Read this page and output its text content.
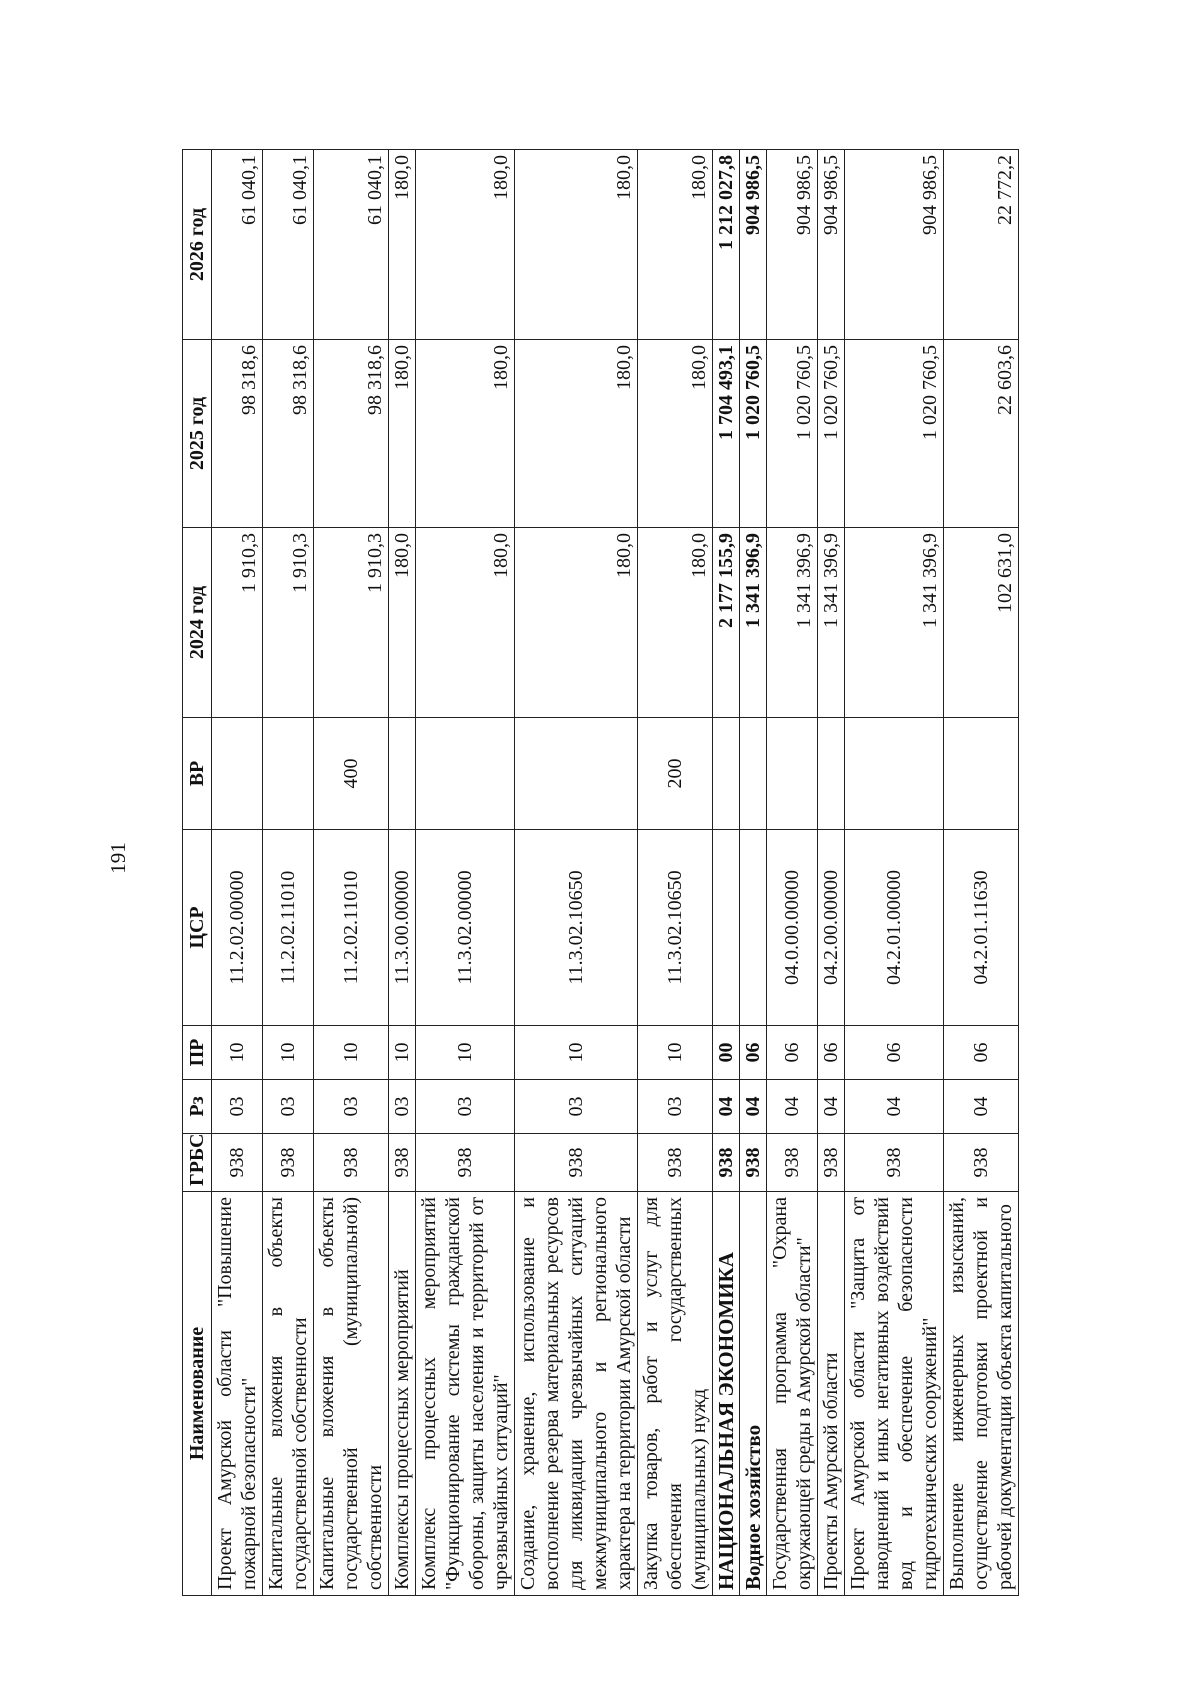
191
Наименование	ГРБС	Рз	ПР	ЦСР	ВР	2024 год	2025 год	2026 год
Проект Амурской области "Повышение пожарной безопасности"	938	03	10	11.2.02.00000		1 910,3	98 318,6	61 040,1
Капитальные вложения в объекты государственной собственности	938	03	10	11.2.02.11010		1 910,3	98 318,6	61 040,1
Капитальные вложения в объекты государственной (муниципальной) собственности	938	03	10	11.2.02.11010	400	1 910,3	98 318,6	61 040,1
Комплексы процессных мероприятий	938	03	10	11.3.00.00000		180,0	180,0	180,0
Комплекс процессных мероприятий "Функционирование системы гражданской обороны, защиты населения и территорий от чрезвычайных ситуаций"	938	03	10	11.3.02.00000		180,0	180,0	180,0
Создание, хранение, использование и восполнение резерва материальных ресурсов для ликвидации чрезвычайных ситуаций межмуниципального и регионального характера на территории Амурской области	938	03	10	11.3.02.10650		180,0	180,0	180,0
Закупка товаров, работ и услуг для обеспечения государственных (муниципальных) нужд	938	03	10	11.3.02.10650	200	180,0	180,0	180,0
НАЦИОНАЛЬНАЯ ЭКОНОМИКА	938	04	00			2 177 155,9	1 704 493,1	1 212 027,8
Водное хозяйство	938	04	06			1 341 396,9	1 020 760,5	904 986,5
Государственная программа "Охрана окружающей среды в Амурской области"	938	04	06	04.0.00.00000		1 341 396,9	1 020 760,5	904 986,5
Проекты Амурской области	938	04	06	04.2.00.00000		1 341 396,9	1 020 760,5	904 986,5
Проект Амурской области "Защита от наводнений и иных негативных воздействий вод и обеспечение безопасности гидротехнических сооружений"	938	04	06	04.2.01.00000		1 341 396,9	1 020 760,5	904 986,5
Выполнение инженерных изысканий, осуществление подготовки проектной и рабочей документации объекта капитального	938	04	06	04.2.01.11630		102 631,0	22 603,6	22 772,2
